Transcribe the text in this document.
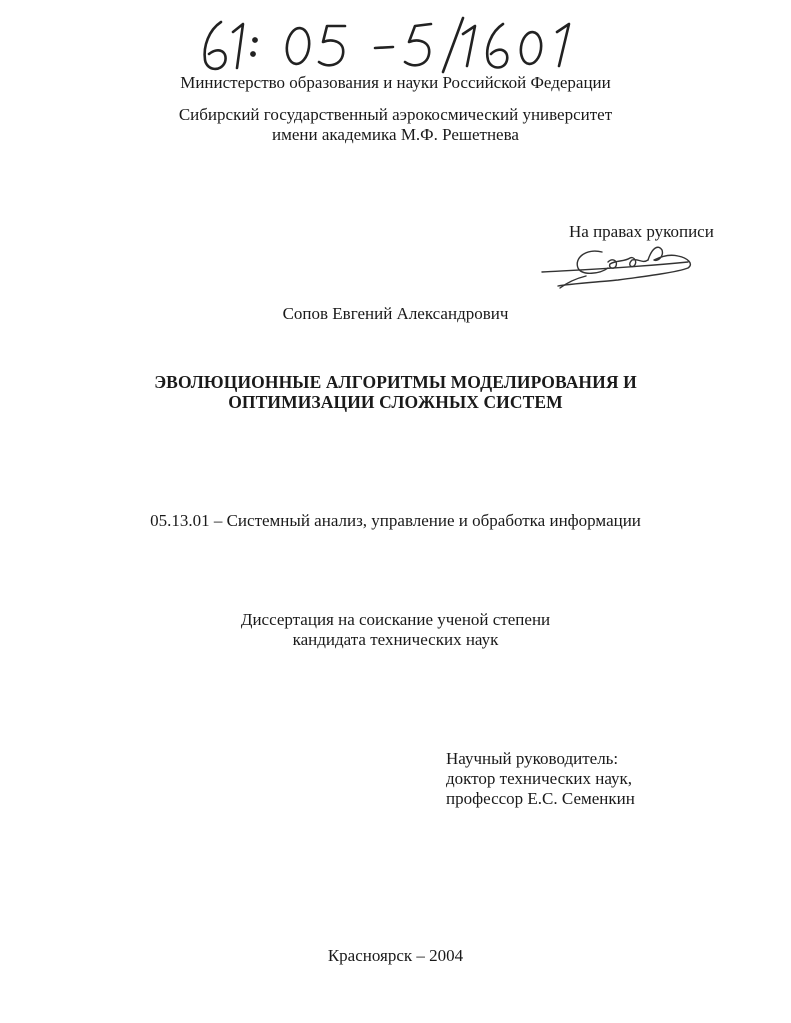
Министерство образования и науки Российской Федерации
Сибирский государственный аэрокосмический университет
имени академика М.Ф. Решетнева
На правах рукописи
Сопов Евгений Александрович
ЭВОЛЮЦИОННЫЕ АЛГОРИТМЫ МОДЕЛИРОВАНИЯ И
ОПТИМИЗАЦИИ СЛОЖНЫХ СИСТЕМ
05.13.01 – Системный анализ, управление и обработка информации
Диссертация на соискание ученой степени
кандидата технических наук
Научный руководитель:
доктор технических наук,
профессор Е.С. Семенкин
Красноярск – 2004
